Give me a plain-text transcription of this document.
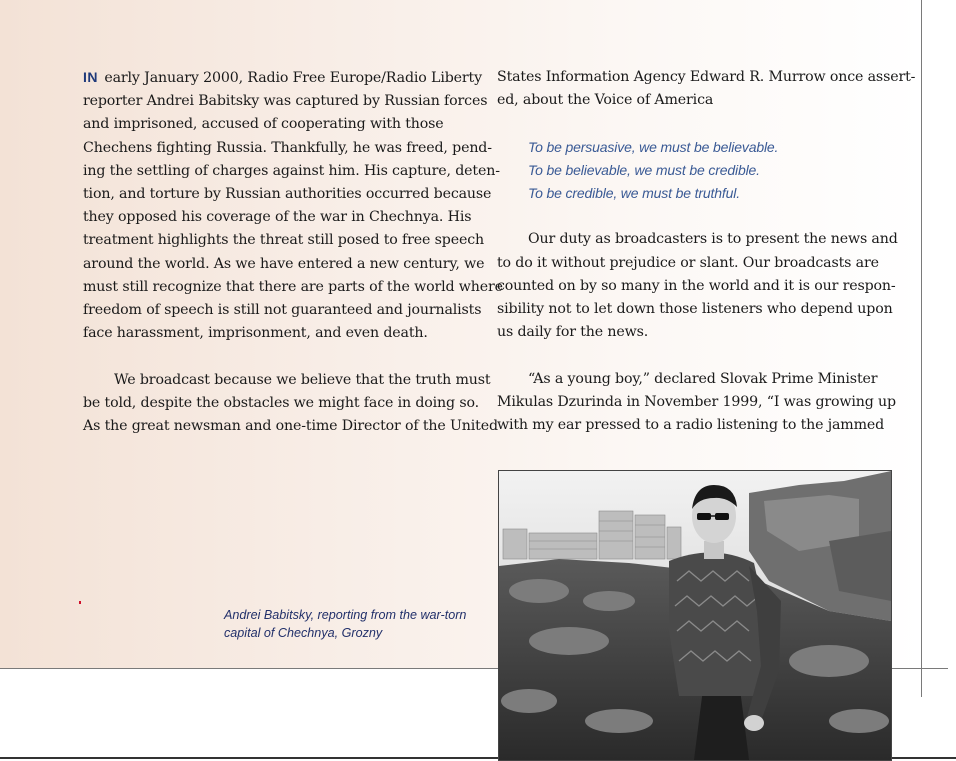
IN early January 2000, Radio Free Europe/Radio Liberty

reporter Andrei Babitsky was captured by Russian forces

and imprisoned, accused of cooperating with those

Chechens fighting Russia. Thankfully, he was freed, pend-

ing the settling of charges against him. His capture, deten-

tion, and torture by Russian authorities occurred because

they opposed his coverage of the war in Chechnya. His

treatment highlights the threat still posed to free speech

around the world. As we have entered a new century, we

must still recognize that there are parts of the world where

freedom of speech is still not guaranteed and journalists

face harassment, imprisonment, and even death.

We broadcast because we believe that the truth must

be told, despite the obstacles we might face in doing so.

As the great newsman and one-time Director of the United

States Information Agency Edward R. Murrow once assert-

ed, about the Voice of America

To be persuasive, we must be believable.

To be believable, we must be credible.

To be credible, we must be truthful.

Our duty as broadcasters is to present the news and

to do it without prejudice or slant. Our broadcasts are

counted on by so many in the world and it is our respon-

sibility not to let down those listeners who depend upon

us daily for the news.

“As a young boy,” declared Slovak Prime Minister

Mikulas Dzurinda in November 1999, “I was growing up

with my ear pressed to a radio listening to the jammed

Andrei Babitsky, reporting from the war-torn

capital of Chechnya, Grozny
